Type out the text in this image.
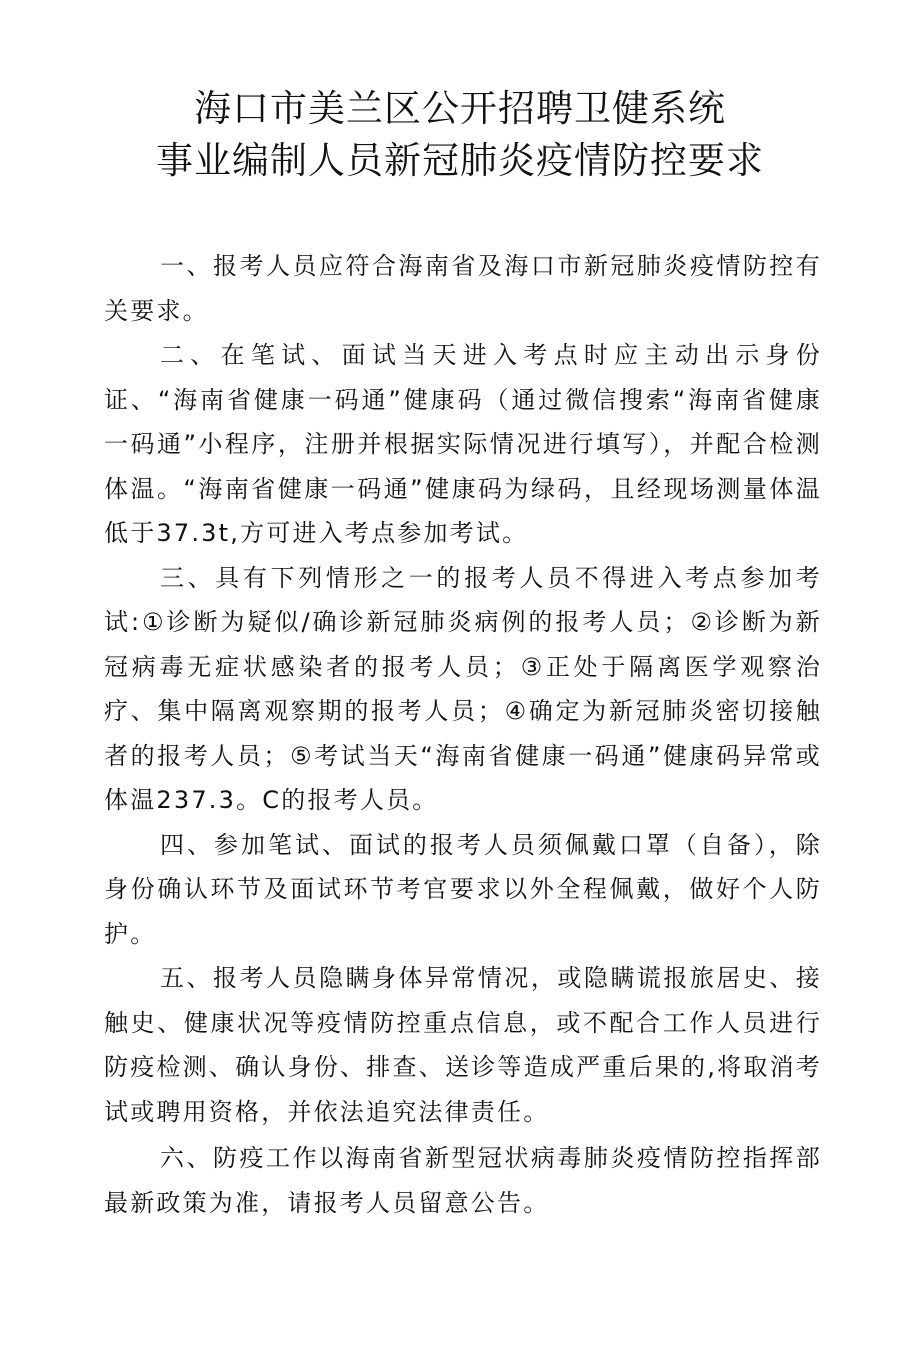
海口市美兰区公开招聘卫健系统
事业编制人员新冠肺炎疫情防控要求

一、报考人员应符合海南省及海口市新冠肺炎疫情防控有关要求。

二、在笔试、面试当天进入考点时应主动出示身份证、“海南省健康一码通”健康码（通过微信搜索“海南省健康一码通”小程序，注册并根据实际情况进行填写），并配合检测体温。“海南省健康一码通”健康码为绿码，且经现场测量体温低于37.3t,方可进入考点参加考试。

三、具有下列情形之一的报考人员不得进入考点参加考试:①诊断为疑似/确诊新冠肺炎病例的报考人员；②诊断为新冠病毒无症状感染者的报考人员；③正处于隔离医学观察治疗、集中隔离观察期的报考人员；④确定为新冠肺炎密切接触者的报考人员；⑤考试当天“海南省健康一码通”健康码异常或体温237.3。C的报考人员。

四、参加笔试、面试的报考人员须佩戴口罩（自备），除身份确认环节及面试环节考官要求以外全程佩戴，做好个人防护。

五、报考人员隐瞒身体异常情况，或隐瞒谎报旅居史、接触史、健康状况等疫情防控重点信息，或不配合工作人员进行防疫检测、确认身份、排查、送诊等造成严重后果的,将取消考试或聘用资格，并依法追究法律责任。

六、防疫工作以海南省新型冠状病毒肺炎疫情防控指挥部最新政策为准，请报考人员留意公告。
